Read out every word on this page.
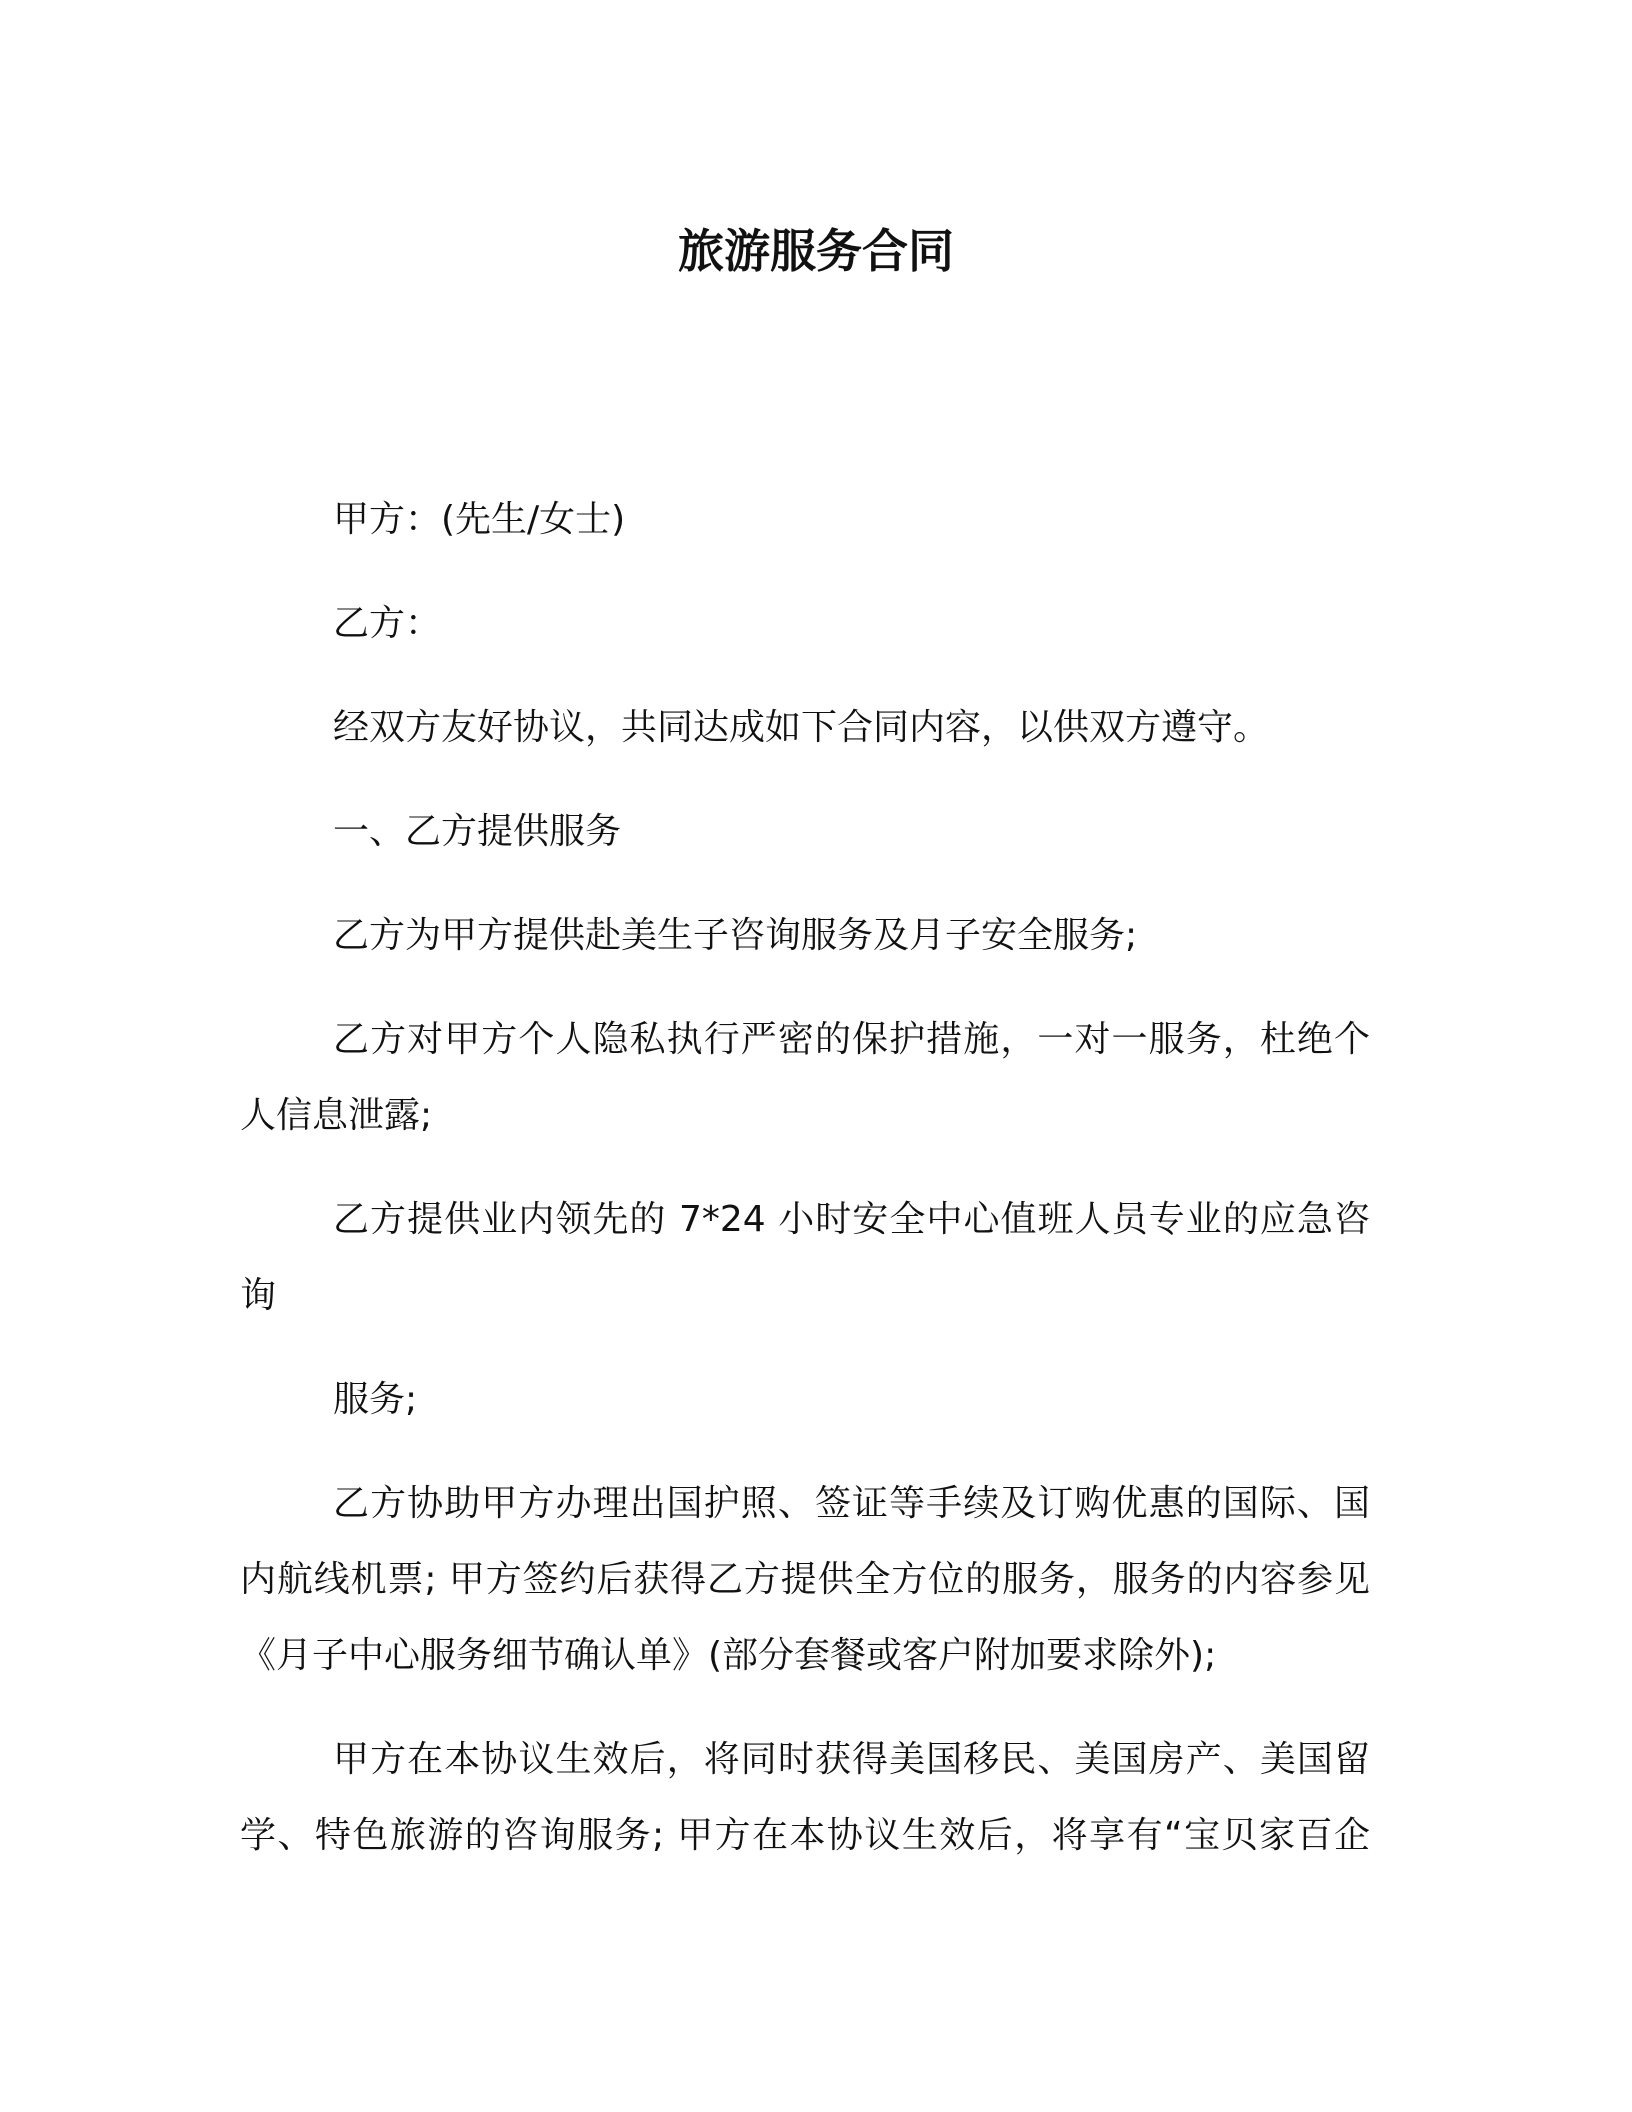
旅游服务合同
甲方：(先生/女士)
乙方：
经双方友好协议，共同达成如下合同内容，以供双方遵守。
一、乙方提供服务
乙方为甲方提供赴美生子咨询服务及月子安全服务;
乙方对甲方个人隐私执行严密的保护措施，一对一服务，杜绝个
人信息泄露;
乙方提供业内领先的 7*24 小时安全中心值班人员专业的应急咨
询
服务;
乙方协助甲方办理出国护照、签证等手续及订购优惠的国际、国
内航线机票; 甲方签约后获得乙方提供全方位的服务，服务的内容参见
《月子中心服务细节确认单》(部分套餐或客户附加要求除外);
甲方在本协议生效后，将同时获得美国移民、美国房产、美国留
学、特色旅游的咨询服务; 甲方在本协议生效后，将享有“宝贝家百企
